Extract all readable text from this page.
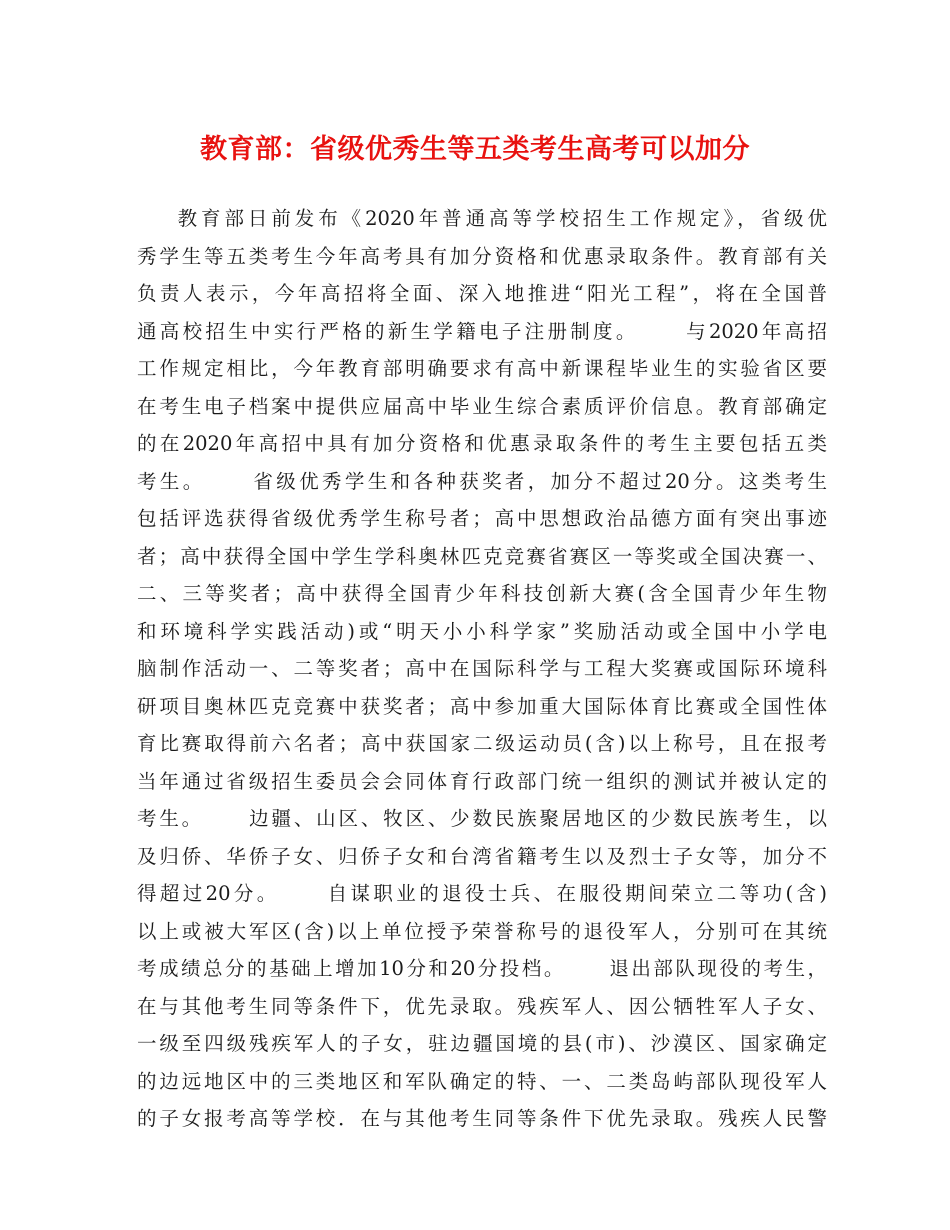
教育部：省级优秀生等五类考生高考可以加分
教育部日前发布《2020年普通高等学校招生工作规定》，省级优
秀学生等五类考生今年高考具有加分资格和优惠录取条件。教育部有关
负责人表示，今年高招将全面、深入地推进“阳光工程”，将在全国普
通高校招生中实行严格的新生学籍电子注册制度。     与2020年高招
工作规定相比，今年教育部明确要求有高中新课程毕业生的实验省区要
在考生电子档案中提供应届高中毕业生综合素质评价信息。教育部确定
的在2020年高招中具有加分资格和优惠录取条件的考生主要包括五类
考生。     省级优秀学生和各种获奖者，加分不超过20分。这类考生
包括评选获得省级优秀学生称号者；高中思想政治品德方面有突出事迹
者；高中获得全国中学生学科奥林匹克竞赛省赛区一等奖或全国决赛一、
二、三等奖者；高中获得全国青少年科技创新大赛(含全国青少年生物
和环境科学实践活动)或“明天小小科学家”奖励活动或全国中小学电
脑制作活动一、二等奖者；高中在国际科学与工程大奖赛或国际环境科
研项目奥林匹克竞赛中获奖者；高中参加重大国际体育比赛或全国性体
育比赛取得前六名者；高中获国家二级运动员(含)以上称号，且在报考
当年通过省级招生委员会会同体育行政部门统一组织的测试并被认定的
考生。     边疆、山区、牧区、少数民族聚居地区的少数民族考生，以
及归侨、华侨子女、归侨子女和台湾省籍考生以及烈士子女等，加分不
得超过20分。     自谋职业的退役士兵、在服役期间荣立二等功(含)
以上或被大军区(含)以上单位授予荣誉称号的退役军人，分别可在其统
考成绩总分的基础上增加10分和20分投档。     退出部队现役的考生，
在与其他考生同等条件下，优先录取。残疾军人、因公牺牲军人子女、
一级至四级残疾军人的子女，驻边疆国境的县(市)、沙漠区、国家确定
的边远地区中的三类地区和军队确定的特、一、二类岛屿部队现役军人
的子女报考高等学校．在与其他考生同等条件下优先录取。残疾人民警
